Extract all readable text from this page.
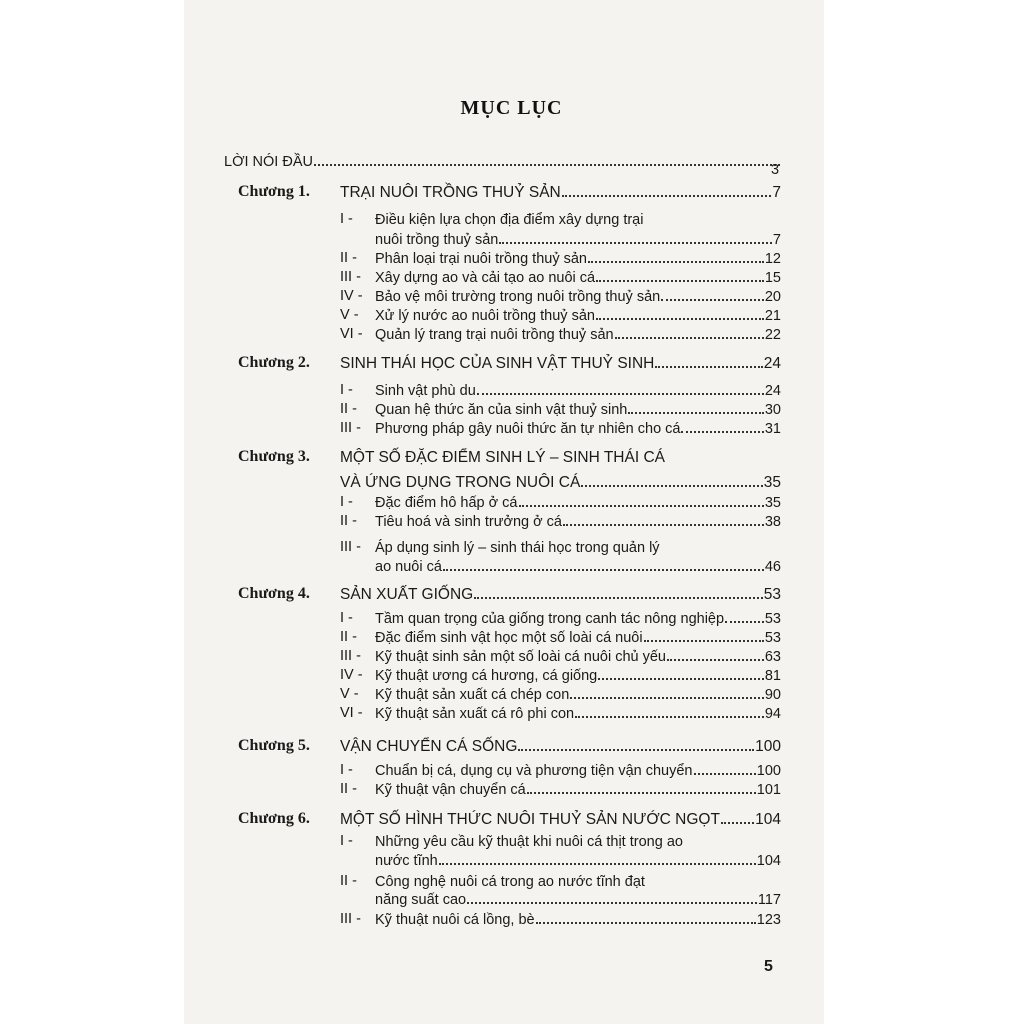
MỤC LỤC
LỜI NÓI ĐẦU	3
Chương 1. TRẠI NUÔI TRỒNG THUỶ SẢN	7
I - Điều kiện lựa chọn địa điểm xây dựng trại
nuôi trồng thuỷ sản	7
II - Phân loại trại nuôi trồng thuỷ sản	12
III - Xây dựng ao và cải tạo ao nuôi cá	15
IV - Bảo vệ môi trường trong nuôi trồng thuỷ sản	20
V - Xử lý nước ao nuôi trồng thuỷ sản	21
VI - Quản lý trang trại nuôi trồng thuỷ sản	22
Chương 2. SINH THÁI HỌC CỦA SINH VẬT THUỶ SINH	24
I - Sinh vật phù du	24
II - Quan hệ thức ăn của sinh vật thuỷ sinh	30
III - Phương pháp gây nuôi thức ăn tự nhiên cho cá	31
Chương 3. MỘT SỐ ĐẶC ĐIỂM SINH LÝ – SINH THÁI CÁ
VÀ ỨNG DỤNG TRONG NUÔI CÁ	35
I - Đặc điểm hô hấp ở cá	35
II - Tiêu hoá và sinh trưởng ở cá	38
III - Áp dụng sinh lý – sinh thái học trong quản lý
ao nuôi cá	46
Chương 4. SẢN XUẤT GIỐNG	53
I - Tầm quan trọng của giống trong canh tác nông nghiệp	53
II - Đặc điểm sinh vật học một số loài cá nuôi	53
III - Kỹ thuật sinh sản một số loài cá nuôi chủ yếu	63
IV - Kỹ thuật ương cá hương, cá giống	81
V - Kỹ thuật sản xuất cá chép con	90
VI - Kỹ thuật sản xuất cá rô phi con	94
Chương 5. VẬN CHUYỂN CÁ SỐNG	100
I - Chuẩn bị cá, dụng cụ và phương tiện vận chuyển	100
II - Kỹ thuật vận chuyển cá	101
Chương 6. MỘT SỐ HÌNH THỨC NUÔI THUỶ SẢN NƯỚC NGỌT 104
I - Những yêu cầu kỹ thuật khi nuôi cá thịt trong ao
nước tĩnh	104
II - Công nghệ nuôi cá trong ao nước tĩnh đạt
năng suất cao	117
III - Kỹ thuật nuôi cá lồng, bè	123
5
